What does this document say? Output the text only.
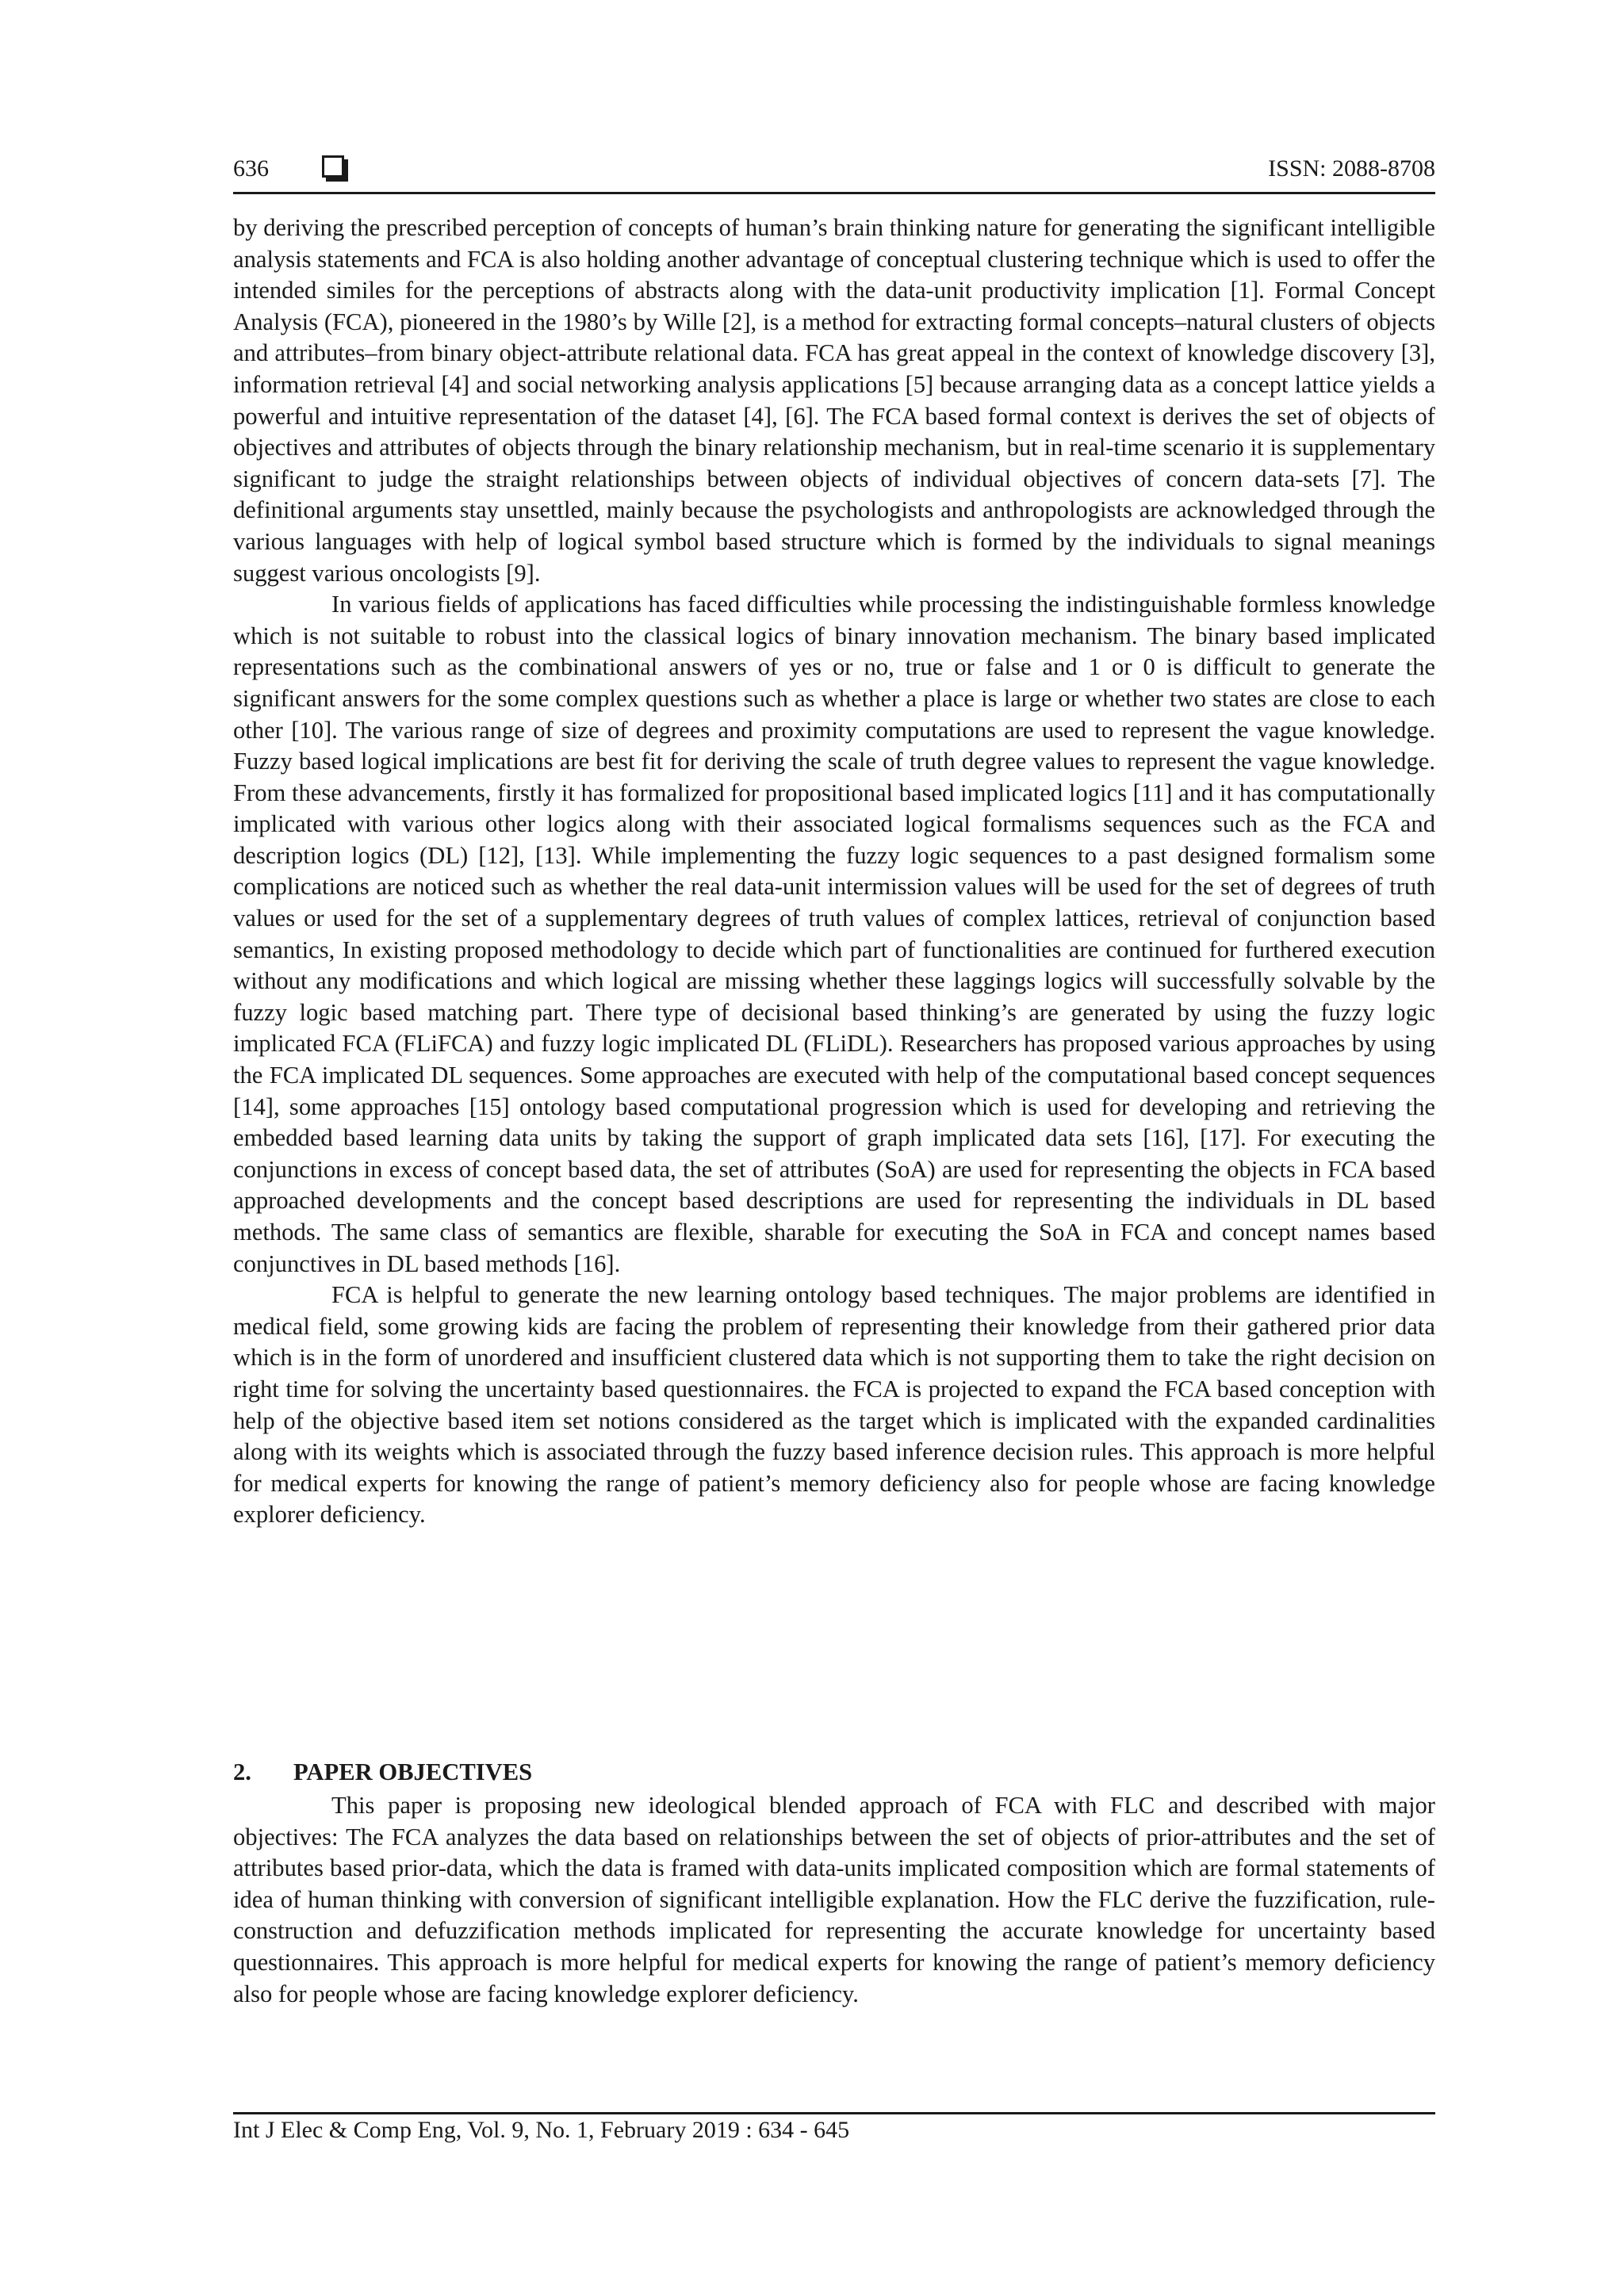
636	ISSN: 2088-8708

by deriving the prescribed perception of concepts of human’s brain thinking nature for generating the significant intelligible analysis statements and FCA is also holding another advantage of conceptual clustering technique which is used to offer the intended similes for the perceptions of abstracts along with the data-unit productivity implication [1]. Formal Concept Analysis (FCA), pioneered in the 1980’s by Wille [2], is a method for extracting formal concepts–natural clusters of objects and attributes–from binary object-attribute relational data. FCA has great appeal in the context of knowledge discovery [3], information retrieval [4] and social networking analysis applications [5] because arranging data as a concept lattice yields a powerful and intuitive representation of the dataset [4], [6]. The FCA based formal context is derives the set of objects of objectives and attributes of objects through the binary relationship mechanism, but in real-time scenario it is supplementary significant to judge the straight relationships between objects of individual objectives of concern data-sets [7]. The definitional arguments stay unsettled, mainly because the psychologists and anthropologists are acknowledged through the various languages with help of logical symbol based structure which is formed by the individuals to signal meanings suggest various oncologists [9].

In various fields of applications has faced difficulties while processing the indistinguishable formless knowledge which is not suitable to robust into the classical logics of binary innovation mechanism. The binary based implicated representations such as the combinational answers of yes or no, true or false and 1 or 0 is difficult to generate the significant answers for the some complex questions such as whether a place is large or whether two states are close to each other [10]. The various range of size of degrees and proximity computations are used to represent the vague knowledge. Fuzzy based logical implications are best fit for deriving the scale of truth degree values to represent the vague knowledge. From these advancements, firstly it has formalized for propositional based implicated logics [11] and it has computationally implicated with various other logics along with their associated logical formalisms sequences such as the FCA and description logics (DL) [12], [13]. While implementing the fuzzy logic sequences to a past designed formalism some complications are noticed such as whether the real data-unit intermission values will be used for the set of degrees of truth values or used for the set of a supplementary degrees of truth values of complex lattices, retrieval of conjunction based semantics, In existing proposed methodology to decide which part of functionalities are continued for furthered execution without any modifications and which logical are missing whether these laggings logics will successfully solvable by the fuzzy logic based matching part. There type of decisional based thinking’s are generated by using the fuzzy logic implicated FCA (FLiFCA) and fuzzy logic implicated DL (FLiDL). Researchers has proposed various approaches by using the FCA implicated DL sequences. Some approaches are executed with help of the computational based concept sequences [14], some approaches [15] ontology based computational progression which is used for developing and retrieving the embedded based learning data units by taking the support of graph implicated data sets [16], [17]. For executing the conjunctions in excess of concept based data, the set of attributes (SoA) are used for representing the objects in FCA based approached developments and the concept based descriptions are used for representing the individuals in DL based methods. The same class of semantics are flexible, sharable for executing the SoA in FCA and concept names based conjunctives in DL based methods [16].

FCA is helpful to generate the new learning ontology based techniques. The major problems are identified in medical field, some growing kids are facing the problem of representing their knowledge from their gathered prior data which is in the form of unordered and insufficient clustered data which is not supporting them to take the right decision on right time for solving the uncertainty based questionnaires. the FCA is projected to expand the FCA based conception with help of the objective based item set notions considered as the target which is implicated with the expanded cardinalities along with its weights which is associated through the fuzzy based inference decision rules. This approach is more helpful for medical experts for knowing the range of patient’s memory deficiency also for people whose are facing knowledge explorer deficiency.

2. PAPER OBJECTIVES

This paper is proposing new ideological blended approach of FCA with FLC and described with major objectives: The FCA analyzes the data based on relationships between the set of objects of prior-attributes and the set of attributes based prior-data, which the data is framed with data-units implicated composition which are formal statements of idea of human thinking with conversion of significant intelligible explanation. How the FLC derive the fuzzification, rule-construction and defuzzification methods implicated for representing the accurate knowledge for uncertainty based questionnaires. This approach is more helpful for medical experts for knowing the range of patient’s memory deficiency also for people whose are facing knowledge explorer deficiency.

Int J Elec & Comp Eng, Vol. 9, No. 1, February 2019 : 634 - 645
